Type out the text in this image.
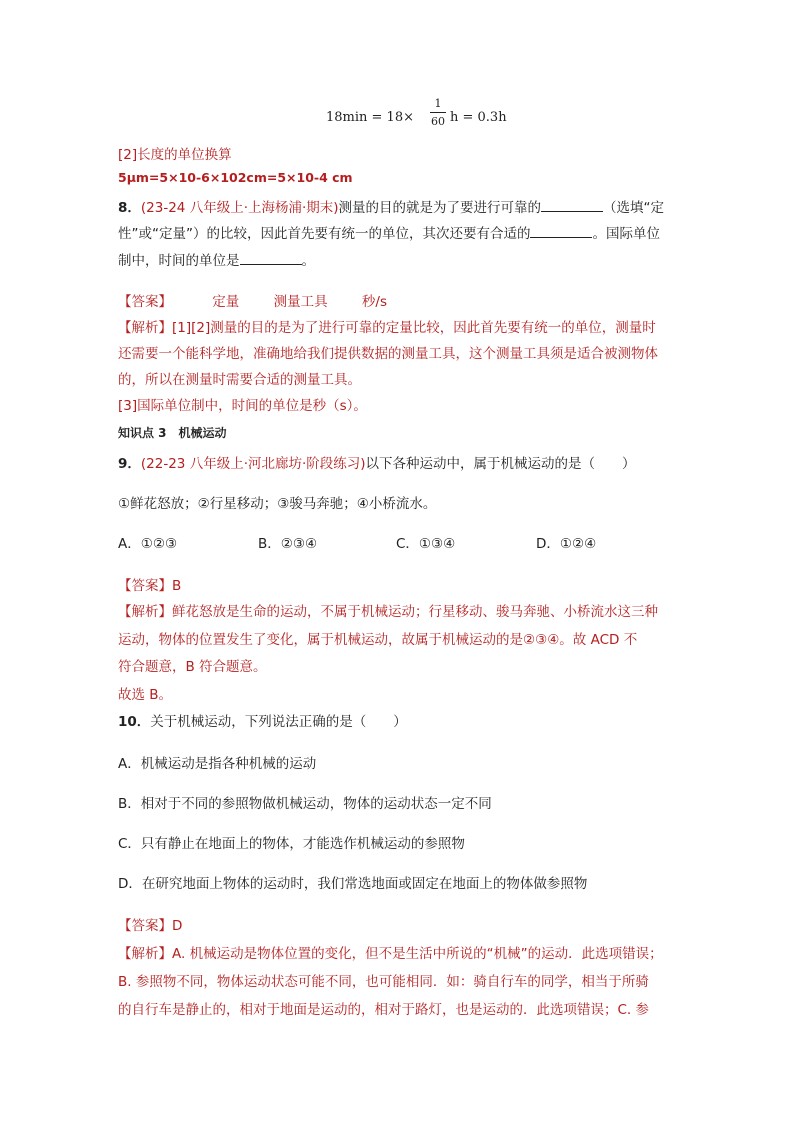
18min = 18×
1
60 h = 0.3h
[2]长度的单位换算
5μm=5×10-6×102cm=5×10-4 cm
8．(23-24 八年级上·上海杨浦·期末)测量的目的就是为了要进行可靠的	（选填“定
性”或“定量”）的比较，因此首先要有统一的单位，其次还要有合适的	。国际单位
制中，时间的单位是	。
【答案】	定量	测量工具	秒/s
【解析】[1][2]测量的目的是为了进行可靠的定量比较，因此首先要有统一的单位，测量时
还需要一个能科学地，准确地给我们提供数据的测量工具，这个测量工具须是适合被测物体
的，所以在测量时需要合适的测量工具。
[3]国际单位制中，时间的单位是秒（s）。
知识点 3　机械运动
9．(22-23 八年级上·河北廊坊·阶段练习)以下各种运动中，属于机械运动的是（　　）
①鲜花怒放；②行星移动；③骏马奔驰；④小桥流水。
A．①②③	B．②③④	C．①③④	D．①②④
【答案】B
【解析】鲜花怒放是生命的运动，不属于机械运动；行星移动、骏马奔驰、小桥流水这三种
运动，物体的位置发生了变化，属于机械运动，故属于机械运动的是②③④。故 ACD 不
符合题意，B 符合题意。
故选 B。
10．关于机械运动，下列说法正确的是（　　）
A．机械运动是指各种机械的运动
B．相对于不同的参照物做机械运动，物体的运动状态一定不同
C．只有静止在地面上的物体，才能选作机械运动的参照物
D．在研究地面上物体的运动时，我们常选地面或固定在地面上的物体做参照物
【答案】D
【解析】A. 机械运动是物体位置的变化，但不是生活中所说的“机械”的运动．此选项错误；
B. 参照物不同，物体运动状态可能不同，也可能相同．如：骑自行车的同学，相当于所骑
的自行车是静止的，相对于地面是运动的，相对于路灯，也是运动的．此选项错误；C. 参
